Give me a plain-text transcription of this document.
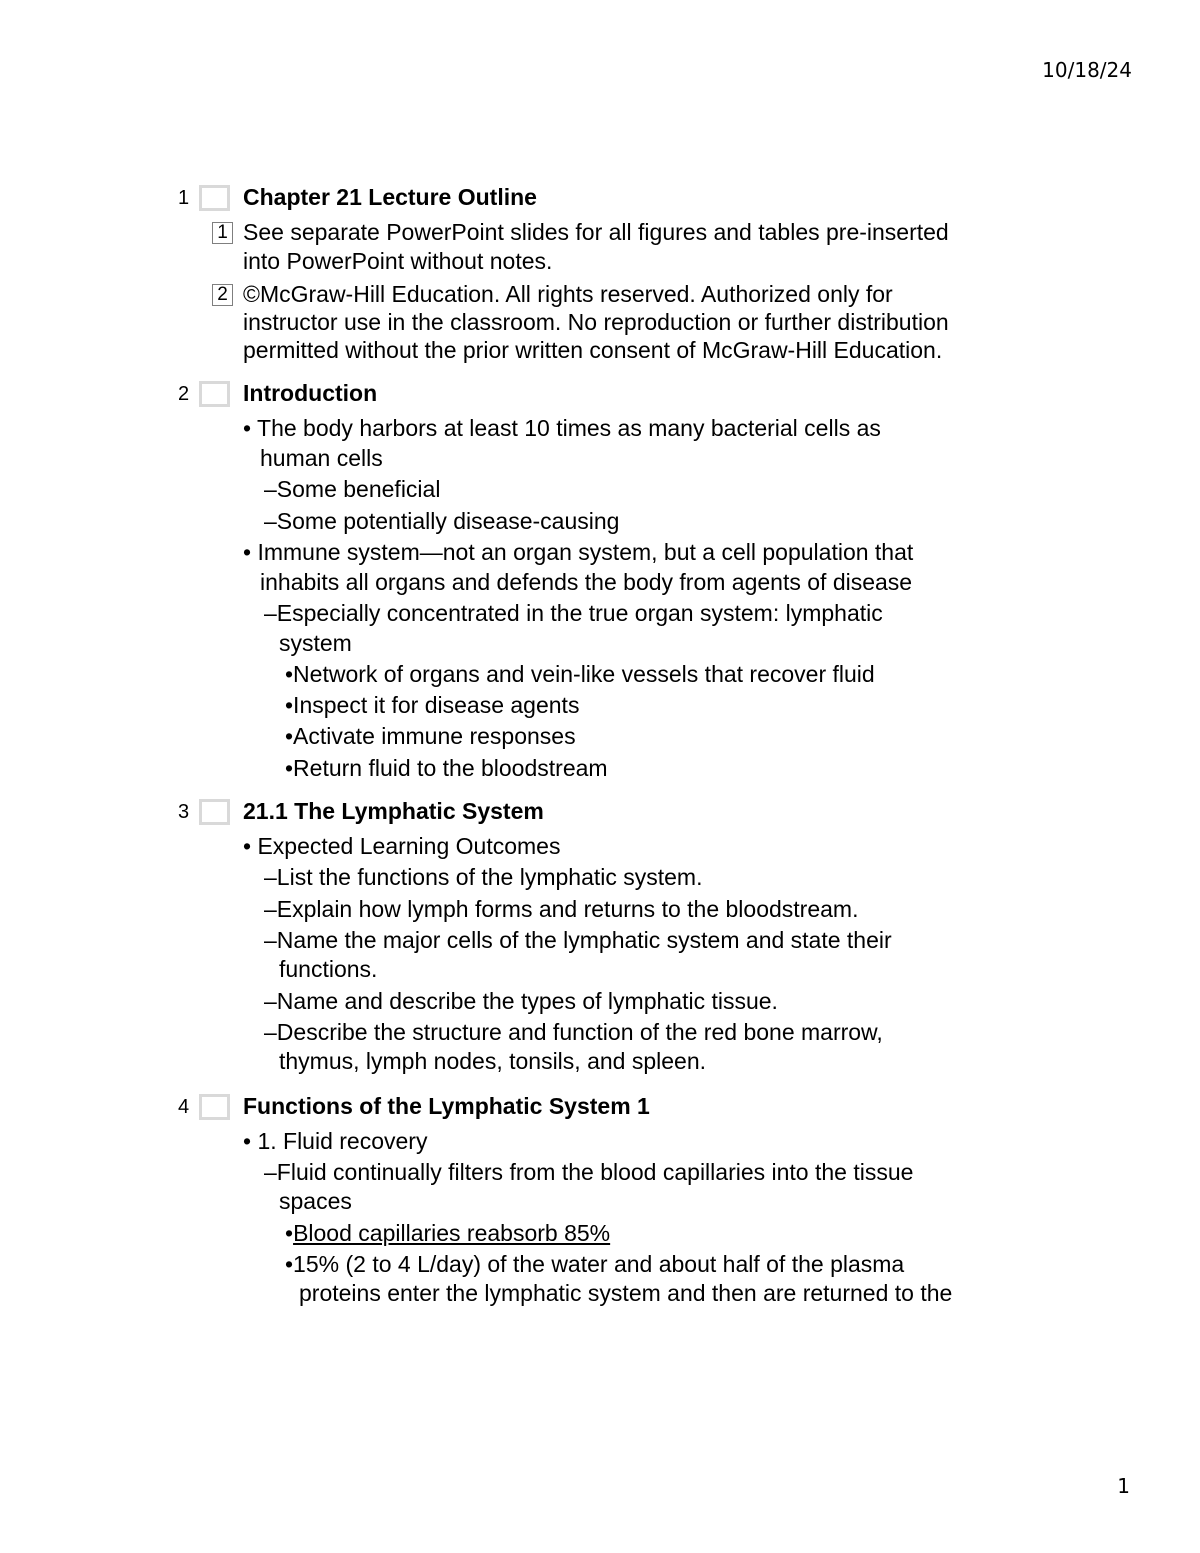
10/18/24
1 Chapter 21 Lecture Outline
1 See separate PowerPoint slides for all figures and tables pre-inserted
into PowerPoint without notes.
2 ©McGraw-Hill Education. All rights reserved. Authorized only for
instructor use in the classroom. No reproduction or further distribution
permitted without the prior written consent of McGraw-Hill Education.
2 Introduction
• The body harbors at least 10 times as many bacterial cells as
human cells
–Some beneficial
–Some potentially disease-causing
• Immune system—not an organ system, but a cell population that
inhabits all organs and defends the body from agents of disease
–Especially concentrated in the true organ system: lymphatic
system
•Network of organs and vein-like vessels that recover fluid
•Inspect it for disease agents
•Activate immune responses
•Return fluid to the bloodstream
3 21.1 The Lymphatic System
• Expected Learning Outcomes
–List the functions of the lymphatic system.
–Explain how lymph forms and returns to the bloodstream.
–Name the major cells of the lymphatic system and state their
functions.
–Name and describe the types of lymphatic tissue.
–Describe the structure and function of the red bone marrow,
thymus, lymph nodes, tonsils, and spleen.
4 Functions of the Lymphatic System 1
• 1. Fluid recovery
–Fluid continually filters from the blood capillaries into the tissue
spaces
•Blood capillaries reabsorb 85%
•15% (2 to 4 L/day) of the water and about half of the plasma
proteins enter the lymphatic system and then are returned to the
1
